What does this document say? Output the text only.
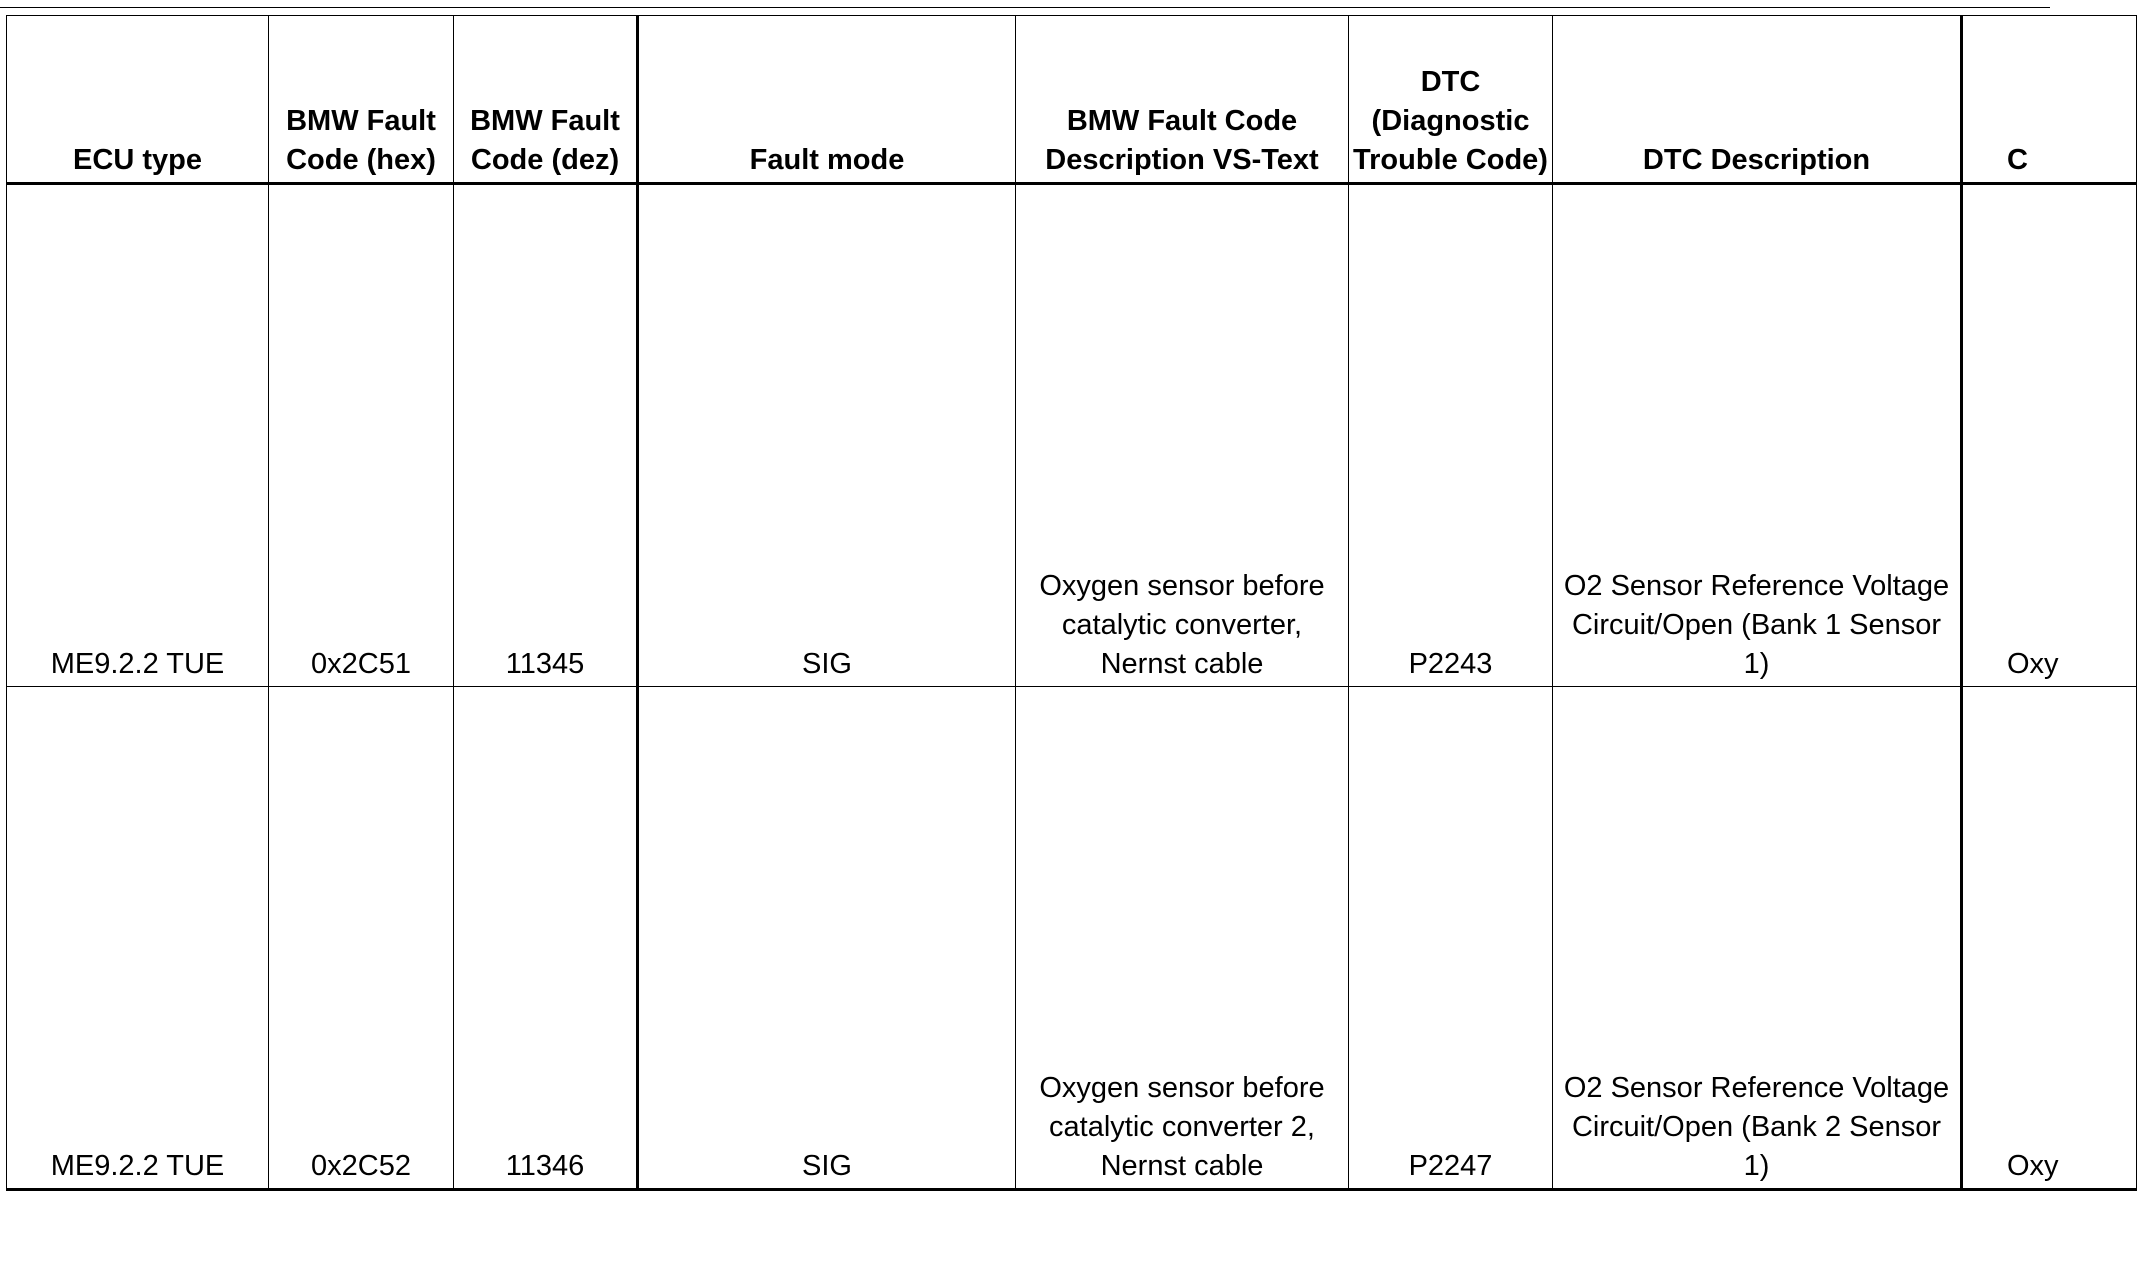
ECU type	BMW Fault Code (hex)	BMW Fault Code (dez)	Fault mode	BMW Fault Code Description VS-Text	DTC (Diagnostic Trouble Code)	DTC Description	C
ME9.2.2 TUE	0x2C51	11345	SIG	Oxygen sensor before catalytic converter, Nernst cable	P2243	O2 Sensor Reference Voltage Circuit/Open (Bank 1 Sensor 1)	Oxy
ME9.2.2 TUE	0x2C52	11346	SIG	Oxygen sensor before catalytic converter 2, Nernst cable	P2247	O2 Sensor Reference Voltage Circuit/Open (Bank 2 Sensor 1)	Oxy
